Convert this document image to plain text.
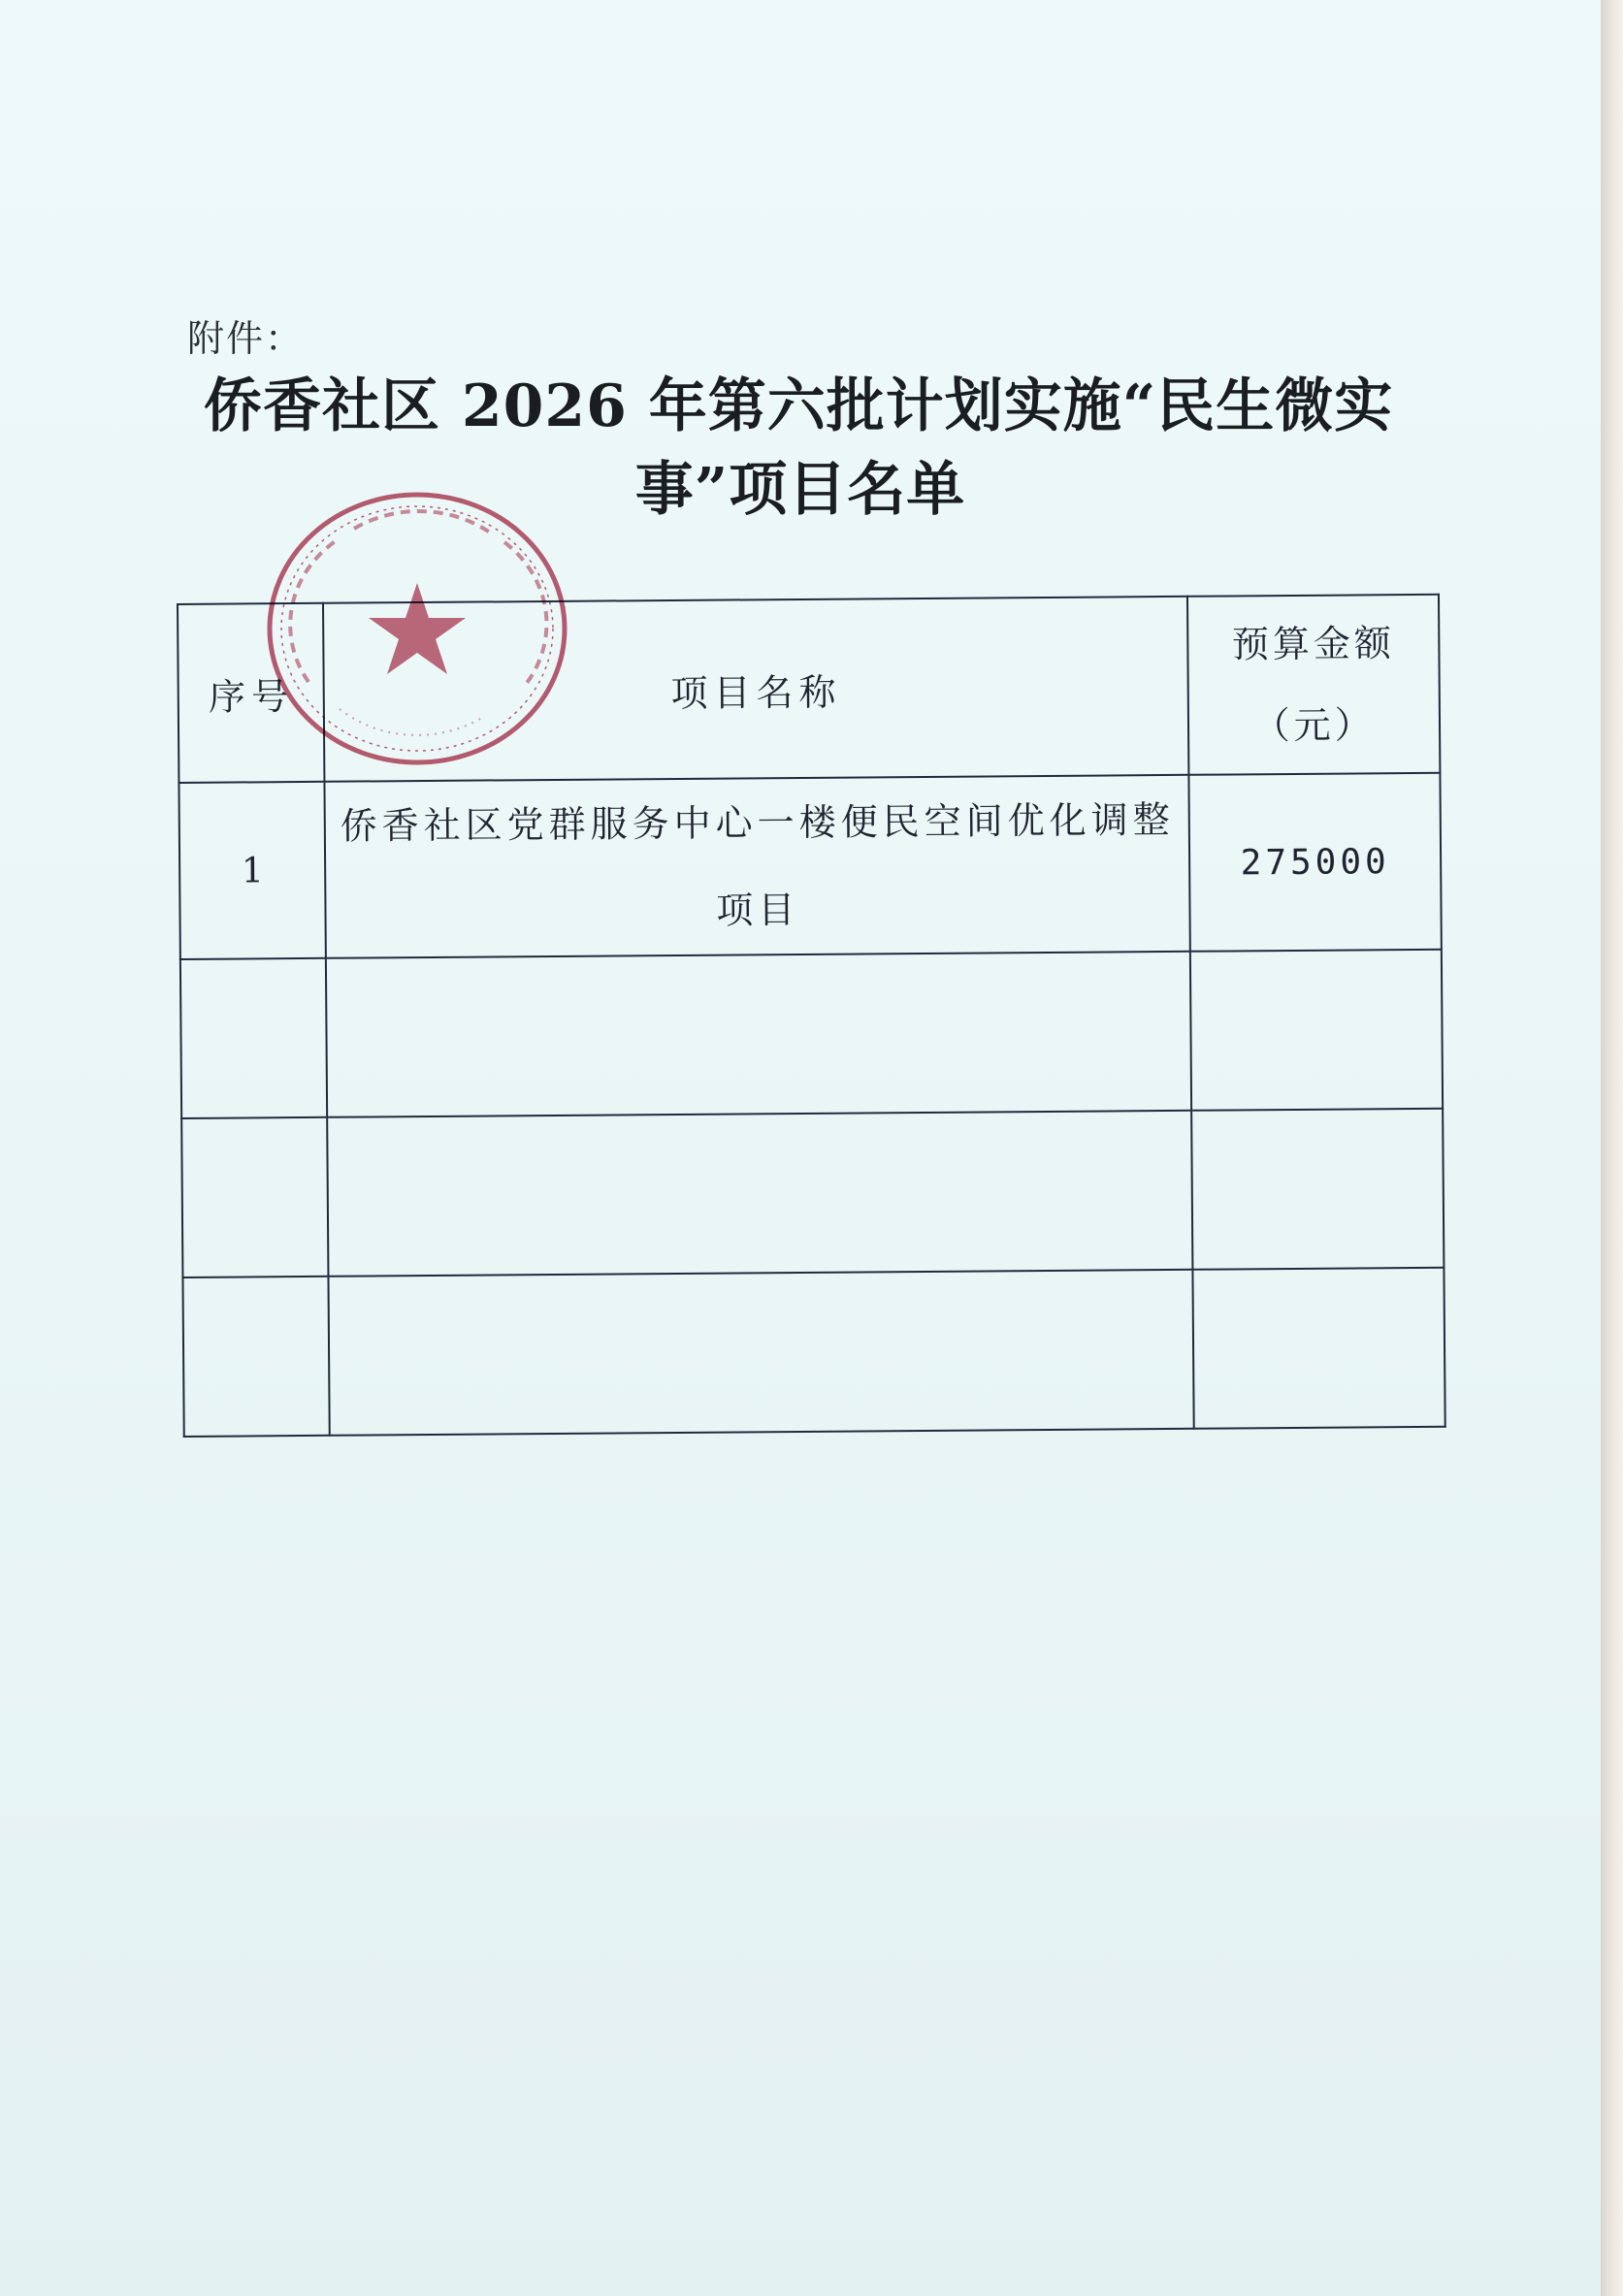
附件：
侨香社区 2026 年第六批计划实施“民生微实
事”项目名单
序号	项目名称	预算金额
（元）

1	侨香社区党群服务中心一楼便民空间优化调整项目	275000
